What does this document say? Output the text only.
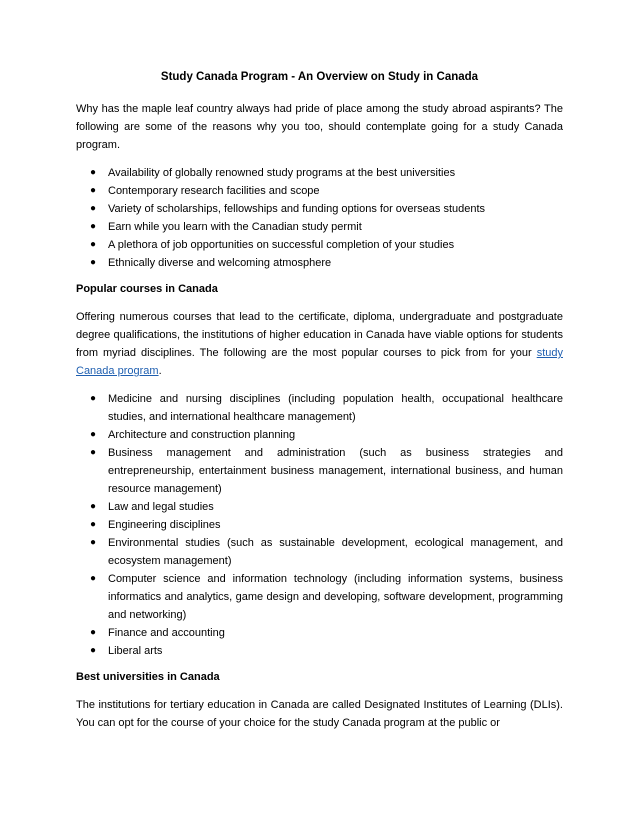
Study Canada Program - An Overview on Study in Canada

Why has the maple leaf country always had pride of place among the study abroad aspirants? The following are some of the reasons why you too, should contemplate going for a study Canada program.

● Availability of globally renowned study programs at the best universities
● Contemporary research facilities and scope
● Variety of scholarships, fellowships and funding options for overseas students
● Earn while you learn with the Canadian study permit
● A plethora of job opportunities on successful completion of your studies
● Ethnically diverse and welcoming atmosphere
Popular courses in Canada

Offering numerous courses that lead to the certificate, diploma, undergraduate and postgraduate degree qualifications, the institutions of higher education in Canada have viable options for students from myriad disciplines. The following are the most popular courses to pick from for your study Canada program.

● Medicine and nursing disciplines (including population health, occupational healthcare studies, and international healthcare management)
● Architecture and construction planning
● Business management and administration (such as business strategies and entrepreneurship, entertainment business management, international business, and human resource management)
● Law and legal studies
● Engineering disciplines
● Environmental studies (such as sustainable development, ecological management, and ecosystem management)
● Computer science and information technology (including information systems, business informatics and analytics, game design and developing, software development, programming and networking)
● Finance and accounting
● Liberal arts
Best universities in Canada

The institutions for tertiary education in Canada are called Designated Institutes of Learning (DLIs). You can opt for the course of your choice for the study Canada program at the public or
